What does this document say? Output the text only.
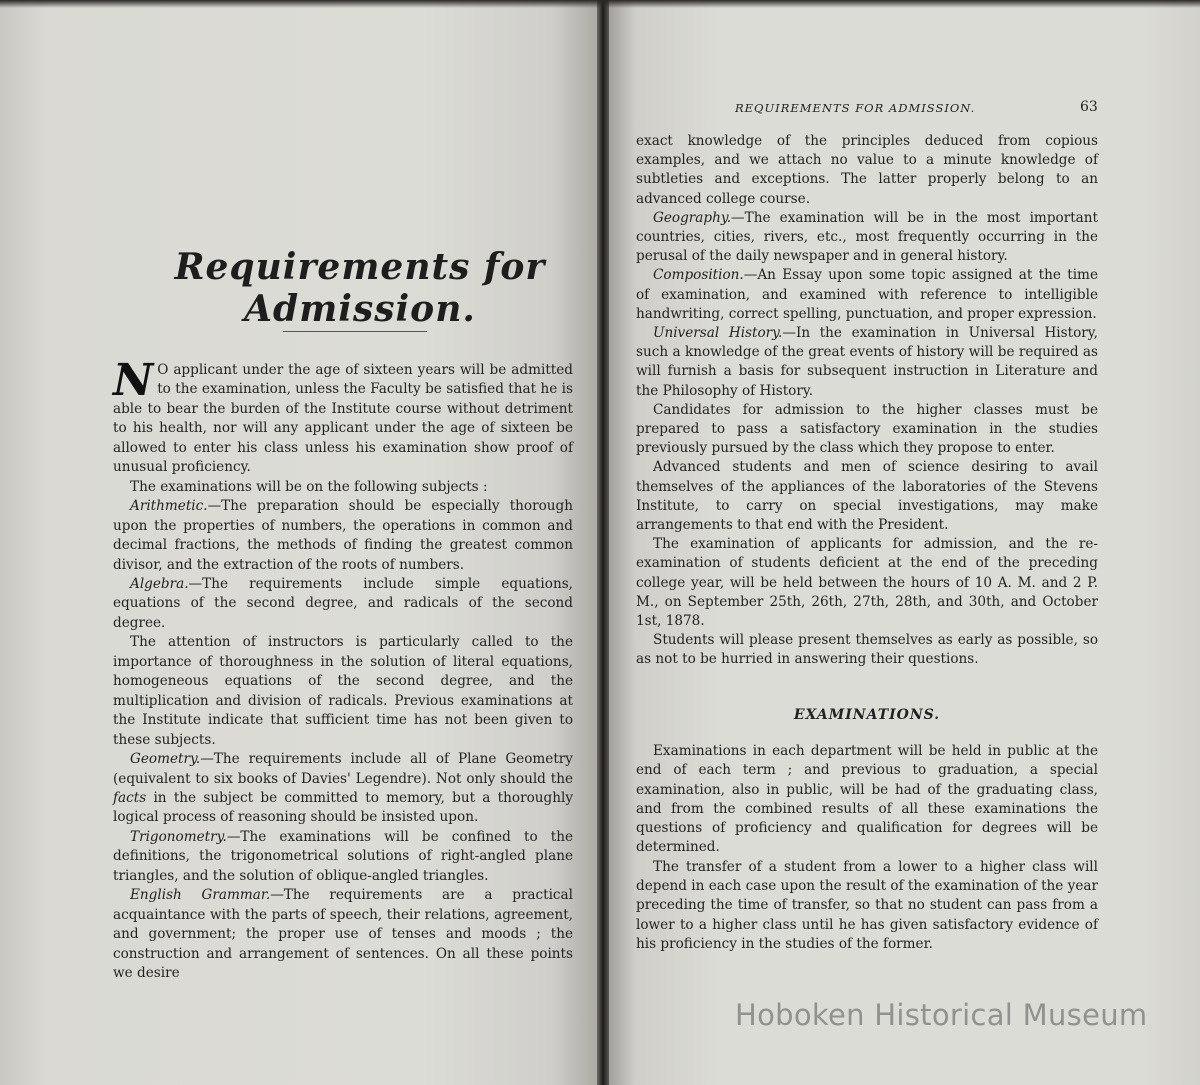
Requirements for Admission.

N O applicant under the age of sixteen years will be admitted to the examination, unless the Faculty be satisfied that he is able to bear the burden of the Institute course without detriment to his health, nor will any applicant under the age of sixteen be allowed to enter his class unless his examination show proof of unusual proficiency.

The examinations will be on the following subjects :

Arithmetic.—The preparation should be especially thorough upon the properties of numbers, the operations in common and decimal fractions, the methods of finding the greatest common divisor, and the extraction of the roots of numbers.

Algebra.—The requirements include simple equations, equations of the second degree, and radicals of the second degree.

The attention of instructors is particularly called to the importance of thoroughness in the solution of literal equations, homogeneous equations of the second degree, and the multiplication and division of radicals. Previous examinations at the Institute indicate that sufficient time has not been given to these subjects.

Geometry.—The requirements include all of Plane Geometry (equivalent to six books of Davies' Legendre). Not only should the facts in the subject be committed to memory, but a thoroughly logical process of reasoning should be insisted upon.

Trigonometry.—The examinations will be confined to the definitions, the trigonometrical solutions of right-angled plane triangles, and the solution of oblique-angled triangles.

English Grammar.—The requirements are a practical acquaintance with the parts of speech, their relations, agreement, and government; the proper use of tenses and moods ; the construction and arrangement of sentences. On all these points we desire

REQUIREMENTS FOR ADMISSION.	63

exact knowledge of the principles deduced from copious examples, and we attach no value to a minute knowledge of subtleties and exceptions. The latter properly belong to an advanced college course.

Geography.—The examination will be in the most important countries, cities, rivers, etc., most frequently occurring in the perusal of the daily newspaper and in general history.

Composition.—An Essay upon some topic assigned at the time of examination, and examined with reference to intelligible handwriting, correct spelling, punctuation, and proper expression.

Universal History.—In the examination in Universal History, such a knowledge of the great events of history will be required as will furnish a basis for subsequent instruction in Literature and the Philosophy of History.

Candidates for admission to the higher classes must be prepared to pass a satisfactory examination in the studies previously pursued by the class which they propose to enter.

Advanced students and men of science desiring to avail themselves of the appliances of the laboratories of the Stevens Institute, to carry on special investigations, may make arrangements to that end with the President.

The examination of applicants for admission, and the re-examination of students deficient at the end of the preceding college year, will be held between the hours of 10 A. M. and 2 P. M., on September 25th, 26th, 27th, 28th, and 30th, and October 1st, 1878.

Students will please present themselves as early as possible, so as not to be hurried in answering their questions.

EXAMINATIONS.

Examinations in each department will be held in public at the end of each term ; and previous to graduation, a special examination, also in public, will be had of the graduating class, and from the combined results of all these examinations the questions of proficiency and qualification for degrees will be determined.

The transfer of a student from a lower to a higher class will depend in each case upon the result of the examination of the year preceding the time of transfer, so that no student can pass from a lower to a higher class until he has given satisfactory evidence of his proficiency in the studies of the former.

Hoboken Historical Museum
